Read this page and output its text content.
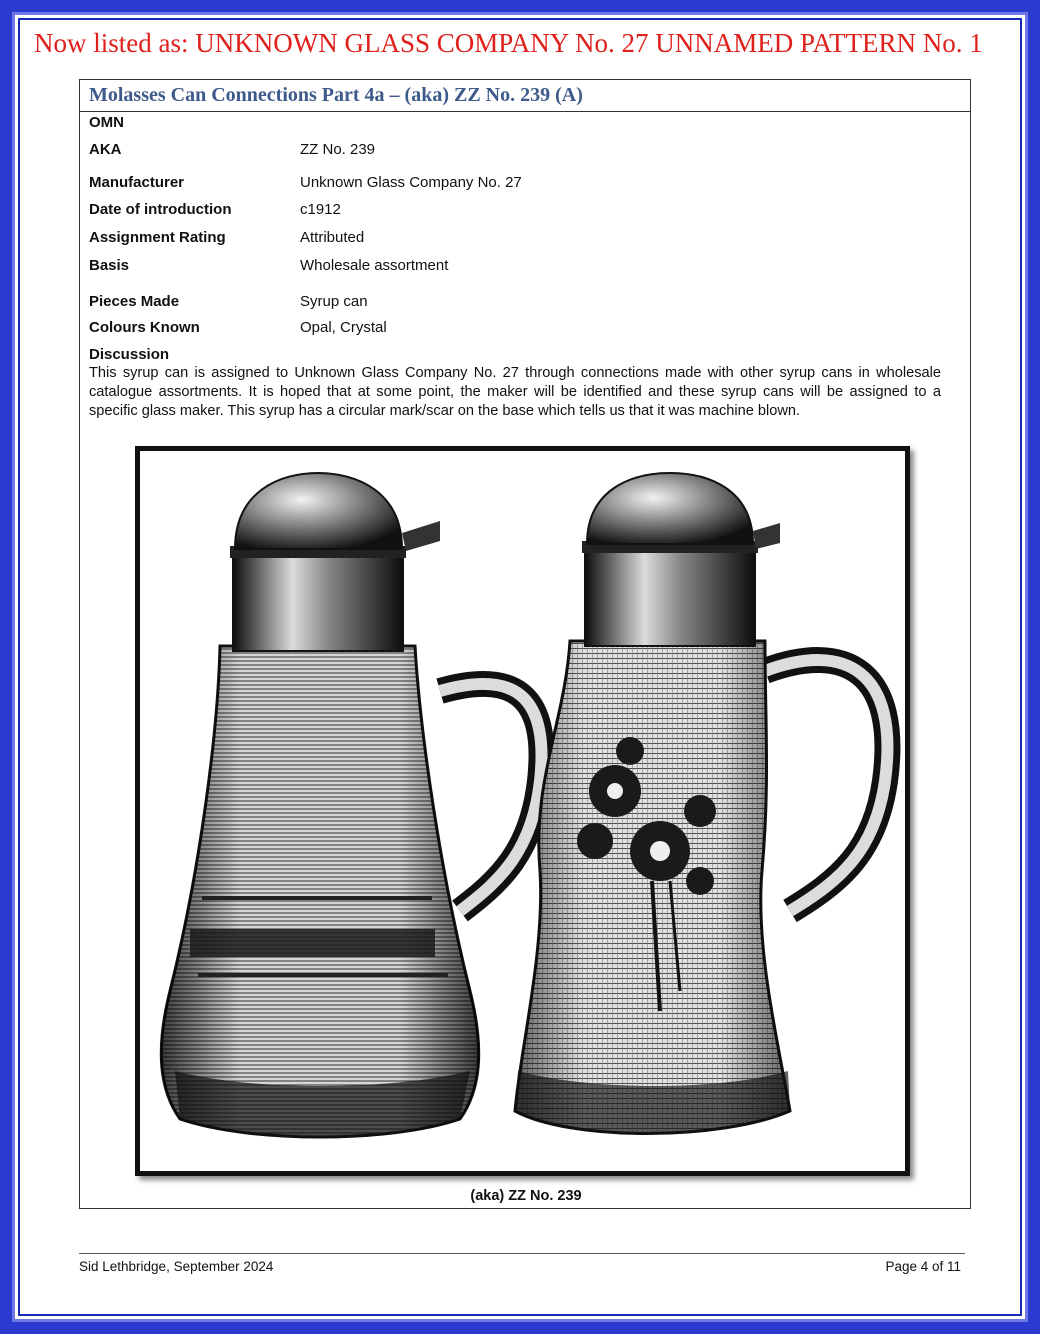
Now listed as: UNKNOWN GLASS COMPANY No. 27 UNNAMED PATTERN No. 1
Molasses Can Connections Part 4a – (aka) ZZ No. 239 (A)
OMN
AKA	ZZ No. 239
Manufacturer	Unknown Glass Company No. 27
Date of introduction	c1912
Assignment Rating	Attributed
Basis	Wholesale assortment
Pieces Made	Syrup can
Colours Known	Opal, Crystal
Discussion
This syrup can is assigned to Unknown Glass Company No. 27 through connections made with other syrup cans in wholesale catalogue assortments. It is hoped that at some point, the maker will be identified and these syrup cans will be assigned to a specific glass maker. This syrup has a circular mark/scar on the base which tells us that it was machine blown.
(aka) ZZ No. 239
Sid Lethbridge, September 2024	Page 4 of 11
